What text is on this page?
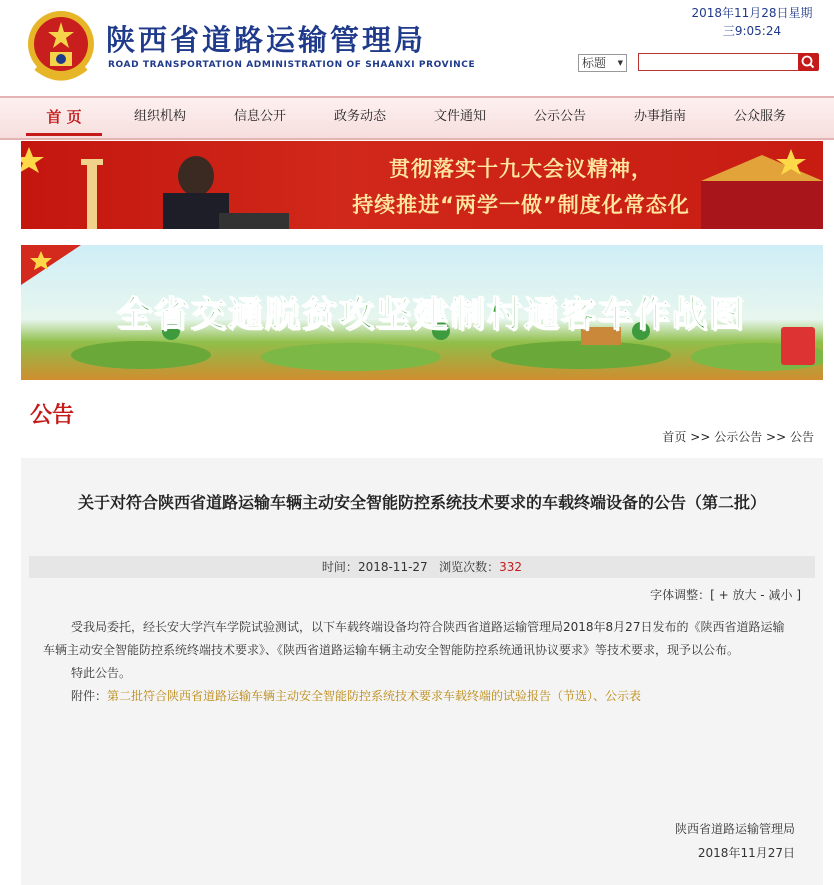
陕西省道路运输管理局
ROAD TRANSPORTATION ADMINISTRATION OF SHAANXI PROVINCE
2018年11月28日星期
三9:05:24
标题 ▼
首 页	组织机构	信息公开	政务动态	文件通知	公示公告	办事指南	公众服务
贯彻落实十九大会议精神，
持续推进“两学一做”制度化常态化
全省交通脱贫攻坚建制村通客车作战图
公告
首页 >> 公示公告 >> 公告
关于对符合陕西省道路运输车辆主动安全智能防控系统技术要求的车载终端设备的公告（第二批）
时间：2018-11-27 浏览次数：332
字体调整：[ + 放大 - 减小 ]

受我局委托，经长安大学汽车学院试验测试，以下车载终端设备均符合陕西省道路运输管理局2018年8月27日发布的《陕西省道路运输车辆主动安全智能防控系统终端技术要求》、《陕西省道路运输车辆主动安全智能防控系统通讯协议要求》等技术要求，现予以公布。

特此公告。

附件：第二批符合陕西省道路运输车辆主动安全智能防控系统技术要求车载终端的试验报告（节选）、公示表
陕西省道路运输管理局
2018年11月27日
